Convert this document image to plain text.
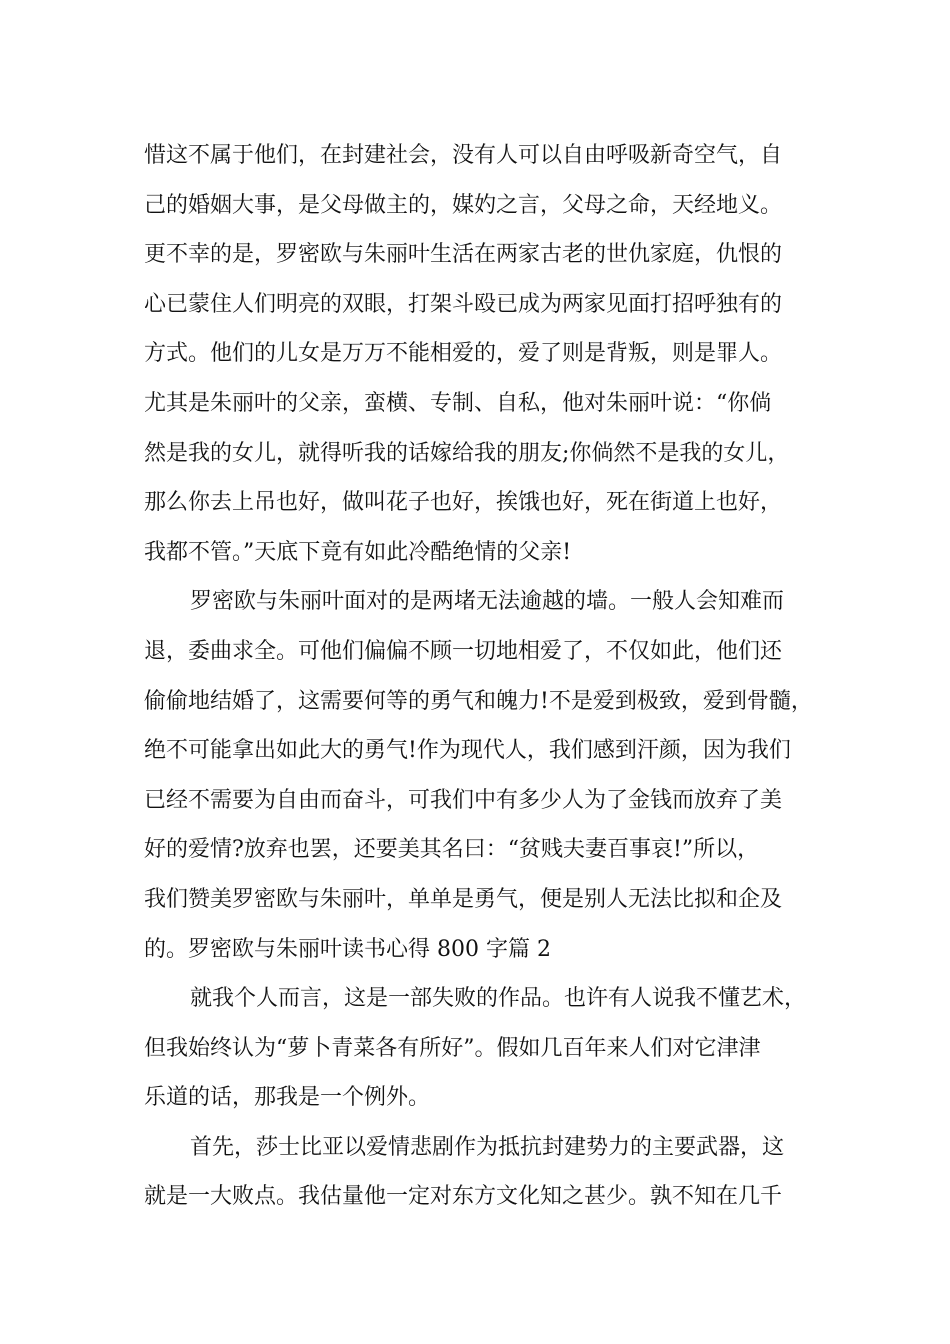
惜这不属于他们，在封建社会，没有人可以自由呼吸新奇空气，自
己的婚姻大事，是父母做主的，媒妁之言，父母之命，天经地义。
更不幸的是，罗密欧与朱丽叶生活在两家古老的世仇家庭，仇恨的
心已蒙住人们明亮的双眼，打架斗殴已成为两家见面打招呼独有的
方式。他们的儿女是万万不能相爱的，爱了则是背叛，则是罪人。
尤其是朱丽叶的父亲，蛮横、专制、自私，他对朱丽叶说：“你倘
然是我的女儿，就得听我的话嫁给我的朋友;你倘然不是我的女儿，
那么你去上吊也好，做叫花子也好，挨饿也好，死在街道上也好，
我都不管。”天底下竟有如此冷酷绝情的父亲!
罗密欧与朱丽叶面对的是两堵无法逾越的墙。一般人会知难而
退，委曲求全。可他们偏偏不顾一切地相爱了，不仅如此，他们还
偷偷地结婚了，这需要何等的勇气和魄力!不是爱到极致，爱到骨髓，
绝不可能拿出如此大的勇气!作为现代人，我们感到汗颜，因为我们
已经不需要为自由而奋斗，可我们中有多少人为了金钱而放弃了美
好的爱情?放弃也罢，还要美其名曰：“贫贱夫妻百事哀!”所以，
我们赞美罗密欧与朱丽叶，单单是勇气，便是别人无法比拟和企及
的。罗密欧与朱丽叶读书心得 800 字篇 2
就我个人而言，这是一部失败的作品。也许有人说我不懂艺术，
但我始终认为“萝卜青菜各有所好”。假如几百年来人们对它津津
乐道的话，那我是一个例外。
首先，莎士比亚以爱情悲剧作为抵抗封建势力的主要武器，这
就是一大败点。我估量他一定对东方文化知之甚少。孰不知在几千
